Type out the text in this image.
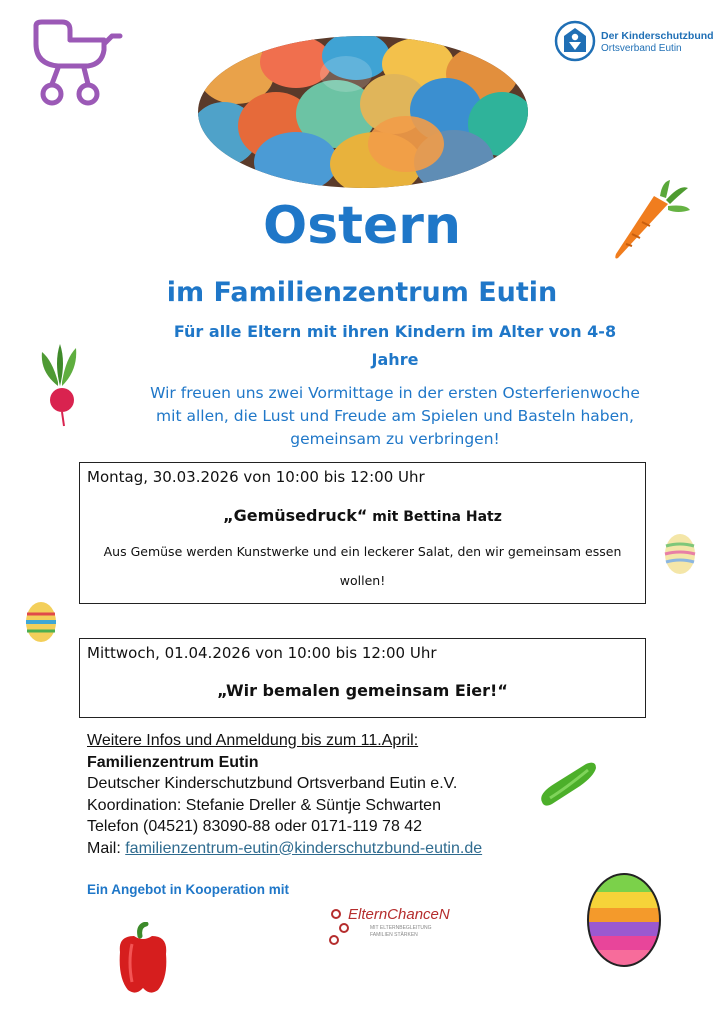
Der Kinderschutzbund
Ortsverband Eutin
Ostern
im Familienzentrum Eutin
Für alle Eltern mit ihren Kindern im Alter von 4-8 Jahre
Wir freuen uns zwei Vormittage in der ersten Osterferienwoche mit allen, die Lust und Freude am Spielen und Basteln haben, gemeinsam zu verbringen!
Montag, 30.03.2026 von 10:00 bis 12:00 Uhr
„Gemüsedruck“ mit Bettina Hatz
Aus Gemüse werden Kunstwerke und ein leckerer Salat, den wir gemeinsam essen wollen!
Mittwoch, 01.04.2026 von 10:00 bis 12:00 Uhr
„Wir bemalen gemeinsam Eier!“
Weitere Infos und Anmeldung bis zum 11.April:
Familienzentrum Eutin
Deutscher Kinderschutzbund Ortsverband Eutin e.V.
Koordination: Stefanie Dreller & Süntje Schwarten
Telefon (04521) 83090-88 oder 0171-119 78 42
Mail: familienzentrum-eutin@kinderschutzbund-eutin.de
Ein Angebot in Kooperation mit
ElternChanceN
MIT ELTERNBEGLEITUNG
FAMILIEN STÄRKEN
